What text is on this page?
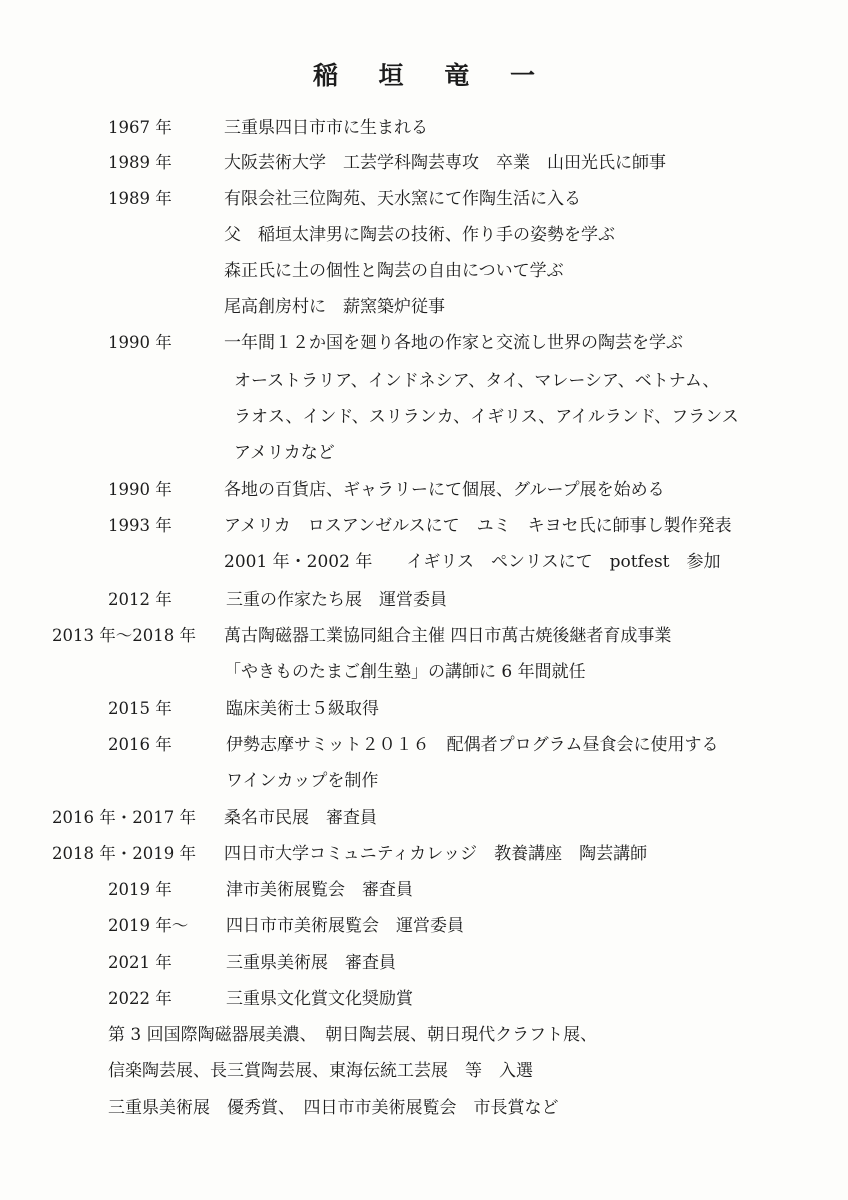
稲 垣 竜 一
1967 年	三重県四日市市に生まれる
1989 年	大阪芸術大学　工芸学科陶芸専攻　卒業　山田光氏に師事
1989 年	有限会社三位陶苑、天水窯にて作陶生活に入る
父　稲垣太津男に陶芸の技術、作り手の姿勢を学ぶ
森正氏に土の個性と陶芸の自由について学ぶ
尾高創房村に　薪窯築炉従事
1990 年	一年間１２か国を廻り各地の作家と交流し世界の陶芸を学ぶ
オーストラリア、インドネシア、タイ、マレーシア、ベトナム、
ラオス、インド、スリランカ、イギリス、アイルランド、フランス
アメリカなど
1990 年	各地の百貨店、ギャラリーにて個展、グループ展を始める
1993 年	アメリカ　ロスアンゼルスにて　ユミ　キヨセ氏に師事し製作発表
2001 年・2002 年　　イギリス　ペンリスにて　potfest　参加
2012 年	三重の作家たち展　運営委員
2013 年～2018 年 萬古陶磁器工業協同組合主催 四日市萬古焼後継者育成事業
「やきものたまご創生塾」の講師に 6 年間就任
2015 年	臨床美術士５級取得
2016 年	伊勢志摩サミット２０１６　配偶者プログラム昼食会に使用する
ワインカップを制作
2016 年・2017 年 桑名市民展　審査員
2018 年・2019 年 四日市大学コミュニティカレッジ　教養講座　陶芸講師
2019 年	津市美術展覧会　審査員
2019 年～ 四日市市美術展覧会　運営委員
2021 年	三重県美術展　審査員
2022 年	三重県文化賞文化奨励賞
第 3 回国際陶磁器展美濃、　朝日陶芸展、朝日現代クラフト展、
信楽陶芸展、長三賞陶芸展、東海伝統工芸展　等　入選
三重県美術展　優秀賞、　四日市市美術展覧会　市長賞など
